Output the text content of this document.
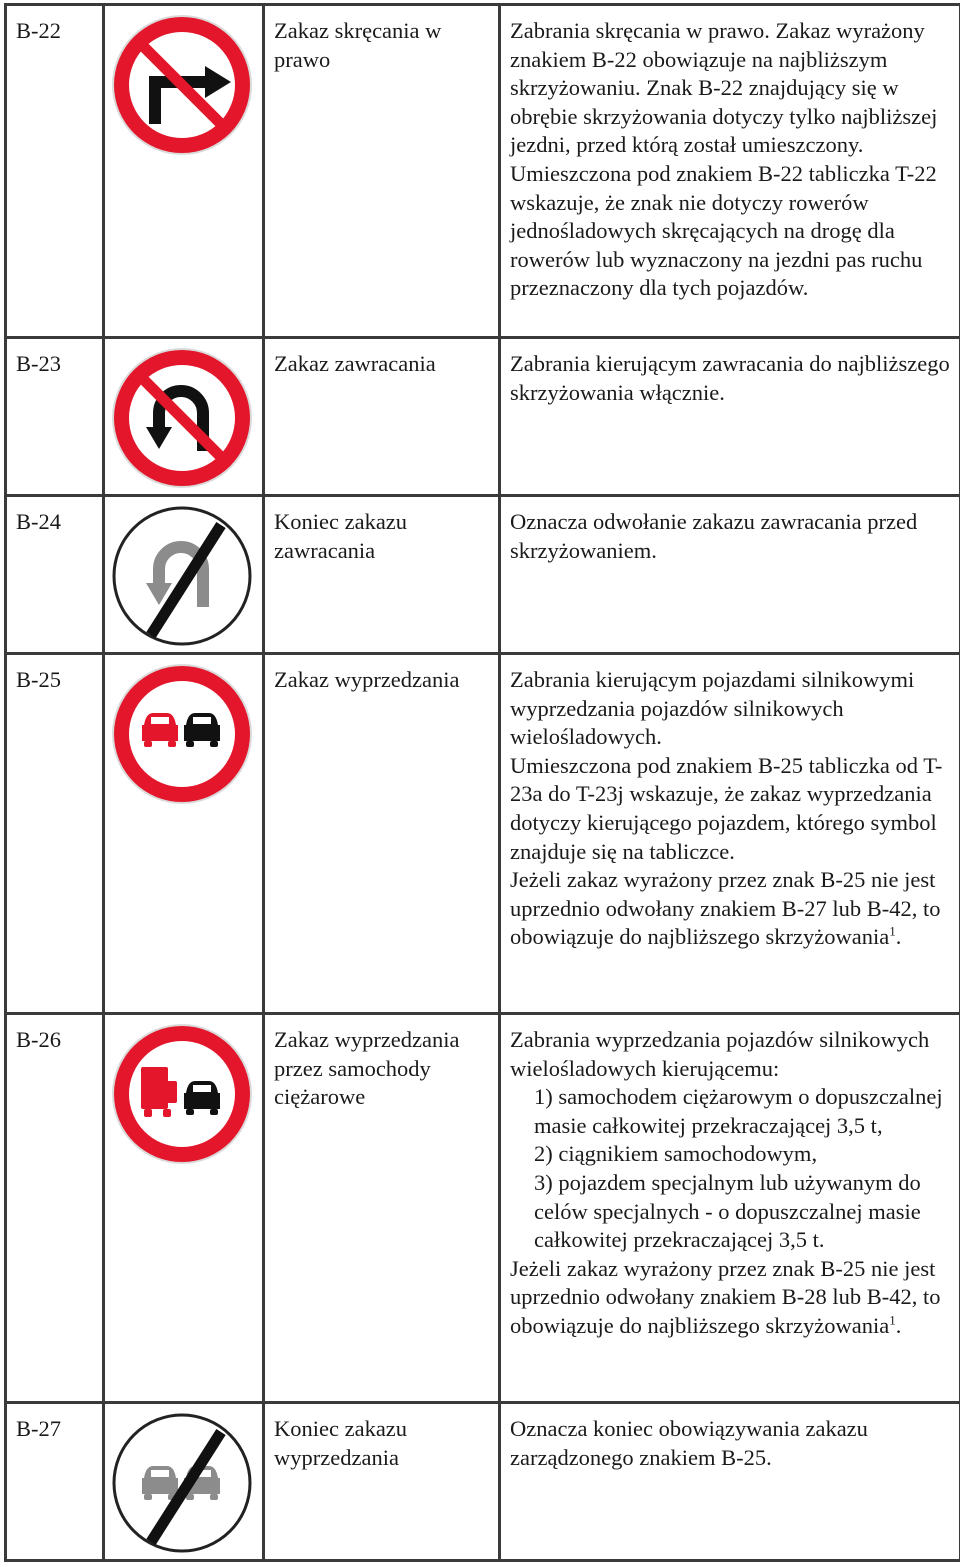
B-22		Zakaz skręcania w prawo	Zabrania skręcania w prawo. Zakaz wyrażony znakiem B-22 obowiązuje na najbliższym skrzyżowaniu. Znak B-22 znajdujący się w obrębie skrzyżowania dotyczy tylko najbliższej jezdni, przed którą został umieszczony. Umieszczona pod znakiem B-22 tabliczka T-22 wskazuje, że znak nie dotyczy rowerów jednośladowych skręcających na drogę dla rowerów lub wyznaczony na jezdni pas ruchu przeznaczony dla tych pojazdów.

B-23		Zakaz zawracania	Zabrania kierującym zawracania do najbliższego skrzyżowania włącznie.

B-24		Koniec zakazu zawracania	Oznacza odwołanie zakazu zawracania przed skrzyżowaniem.

B-25		Zakaz wyprzedzania	Zabrania kierującym pojazdami silnikowymi wyprzedzania pojazdów silnikowych wielośladowych.
Umieszczona pod znakiem B-25 tabliczka od T-23a do T-23j wskazuje, że zakaz wyprzedzania dotyczy kierującego pojazdem, którego symbol znajduje się na tabliczce.
Jeżeli zakaz wyrażony przez znak B-25 nie jest uprzednio odwołany znakiem B-27 lub B-42, to obowiązuje do najbliższego skrzyżowania$^1$.

B-26		Zakaz wyprzedzania przez samochody ciężarowe	Zabrania wyprzedzania pojazdów silnikowych wielośladowych kierującemu:
1) samochodem ciężarowym o dopuszczalnej masie całkowitej przekraczającej 3,5 t,
2) ciągnikiem samochodowym,
3) pojazdem specjalnym lub używanym do celów specjalnych - o dopuszczalnej masie całkowitej przekraczającej 3,5 t.
Jeżeli zakaz wyrażony przez znak B-25 nie jest uprzednio odwołany znakiem B-28 lub B-42, to obowiązuje do najbliższego skrzyżowania$^1$.

B-27		Koniec zakazu wyprzedzania	Oznacza koniec obowiązywania zakazu zarządzonego znakiem B-25.
